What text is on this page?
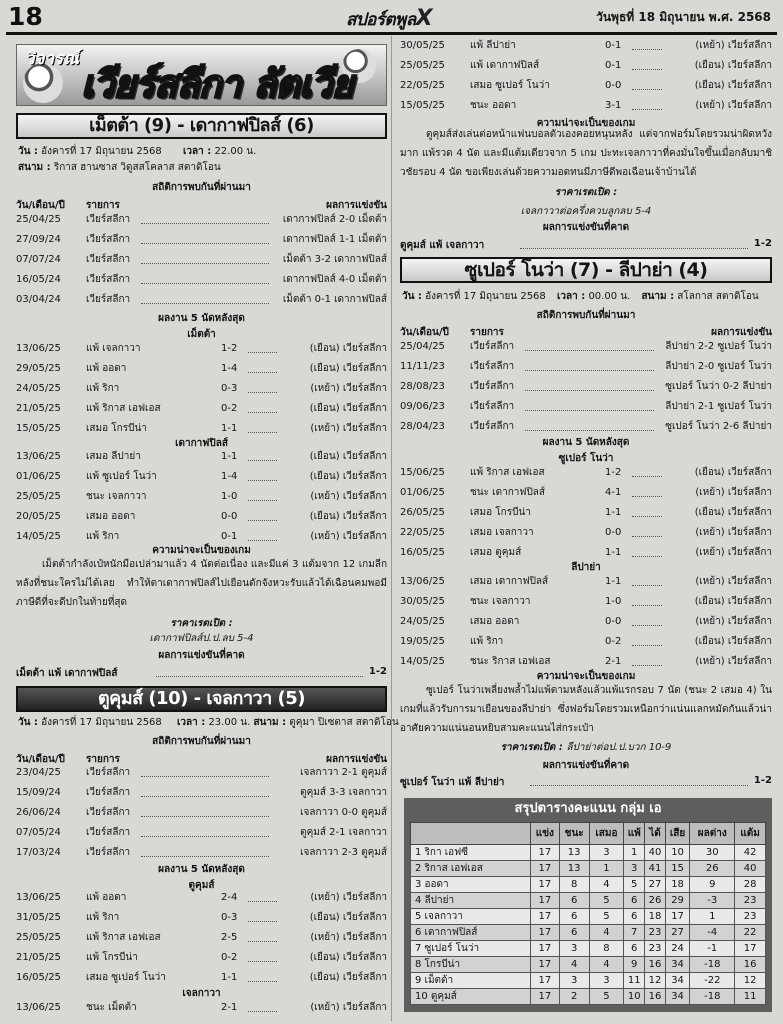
18	สปอร์ตพูลX	วันพุธที่ 18 มิถุนายน พ.ศ. 2568
วิจารณ์
เวียร์สลีกา ลัตเวีย
เม็ตต้า (9) - เดากาฟปิลส์ (6)
วัน : อังคารที่ 17 มิถุนายน 2568 เวลา : 22.00 น.
สนาม : ริกาส ฮานซาส วิดูสสโคลาส สตาดิโอน
สถิติการพบกันที่ผ่านมา
วัน/เดือน/ปี รายการ	ผลการแข่งขัน
25/04/25	เวียร์สลีกา	เดากาฟปิลส์ 2-0 เม็ตต้า
27/09/24	เวียร์สลีกา	เดากาฟปิลส์ 1-1 เม็ตต้า
07/07/24	เวียร์สลีกา	เม็ตต้า 3-2 เดากาฟปิลส์
16/05/24	เวียร์สลีกา	เดากาฟปิลส์ 4-0 เม็ตต้า
03/04/24	เวียร์สลีกา	เม็ตต้า 0-1 เดากาฟปิลส์
ผลงาน 5 นัดหลังสุด
เม็ตต้า
13/06/25	แพ้ เจลกาวา	1-2	(เยือน) เวียร์สลีกา
29/05/25	แพ้ ออดา	1-4	(เยือน) เวียร์สลีกา
24/05/25	แพ้ ริกา	0-3	(เหย้า) เวียร์สลีกา
21/05/25	แพ้ ริกาส เอฟเอส	0-2	(เยือน) เวียร์สลีกา
15/05/25	เสมอ โกรบีน่า	1-1	(เหย้า) เวียร์สลีกา
เดากาฟปิลส์
13/06/25	เสมอ ลีปาย่า	1-1	(เยือน) เวียร์สลีกา
01/06/25	แพ้ ซูเปอร์ โนว่า	1-4	(เยือน) เวียร์สลีกา
25/05/25	ชนะ เจลกาวา	1-0	(เหย้า) เวียร์สลีกา
20/05/25	เสมอ ออดา	0-0	(เยือน) เวียร์สลีกา
14/05/25	แพ้ ริกา	0-1	(เหย้า) เวียร์สลีกา
ความน่าจะเป็นของเกม
เม็ตต้ากำลังเป๋หนักมือเปล่ามาแล้ว 4 นัดต่อเนื่อง และมีแค่ 3 แต้มจาก 12 เกมลีกหลังที่ชนะใครไม่ได้เลย ทำให้ดาเดากาฟปิลส์ไปเยือนดักจังหวะรับแล้วได้เฉือนคมพอมีภาษีดีที่จะดีปกในท้ายที่สุด
ราคาเรตเปิด :
เดากาฟปิลส์ป.ป.ลบ 5-4
ผลการแข่งขันที่คาด
เม็ตต้า แพ้ เดากาฟปิลส์	1-2
ตูคุมส์ (10) - เจลกาวา (5)
วัน : อังคารที่ 17 มิถุนายน 2568 เวลา : 23.00 น. สนาม : ตูคุมา ปิเซตาส สตาดิโอน
สถิติการพบกันที่ผ่านมา
วัน/เดือน/ปี รายการ	ผลการแข่งขัน
23/04/25	เวียร์สลีกา	เจลกาวา 2-1 ตูคุมส์
15/09/24	เวียร์สลีกา	ตูคุมส์ 3-3 เจลกาวา
26/06/24	เวียร์สลีกา	เจลกาวา 0-0 ตูคุมส์
07/05/24	เวียร์สลีกา	ตูคุมส์ 2-1 เจลกาวา
17/03/24	เวียร์สลีกา	เจลกาวา 2-3 ตูคุมส์
ผลงาน 5 นัดหลังสุด
ตูคุมส์
13/06/25	แพ้ ออดา	2-4	(เหย้า) เวียร์สลีกา
31/05/25	แพ้ ริกา	0-3	(เยือน) เวียร์สลีกา
25/05/25	แพ้ ริกาส เอฟเอส	2-5	(เหย้า) เวียร์สลีกา
21/05/25	แพ้ โกรบีน่า	0-2	(เยือน) เวียร์สลีกา
16/05/25	เสมอ ซูเปอร์ โนว่า	1-1	(เยือน) เวียร์สลีกา
เจลกาวา
13/06/25	ชนะ เม็ตต้า	2-1	(เหย้า) เวียร์สลีกา
30/05/25	แพ้ ลีปาย่า	0-1	(เหย้า) เวียร์สลีกา
25/05/25	แพ้ เดากาฟปิลส์	0-1	(เยือน) เวียร์สลีกา
22/05/25	เสมอ ซูเปอร์ โนว่า	0-0	(เยือน) เวียร์สลีกา
15/05/25	ชนะ ออดา	3-1	(เหย้า) เวียร์สลีกา
ความน่าจะเป็นของเกม
ตูคุมส์ส่งเล่นต่อหน้าแฟนบอลตัวเองคอยหนุนหลัง แต่จากฟอร์มโดยรวมน่าผิดหวังมาก แพ้รวด 4 นัด และมีแต้มเดียวจาก 5 เกม ปะทะเจลกาวาที่คงมั่นใจขึ้นเมื่อกลับมาชิวชัยรอบ 4 นัด ขอเพียงเล่นด้วยความอดทนมีภาษีดีพอเฉือนเจ้าบ้านได้
ราคาเรตเปิด :
เจลกาวาต่อครึ่งควบลูกลบ 5-4
ผลการแข่งขันที่คาด
ตูคุมส์ แพ้ เจลกาวา	1-2
ซูเปอร์ โนว่า (7) - ลีปาย่า (4)
วัน : อังคารที่ 17 มิถุนายน 2568 เวลา : 00.00 น. สนาม : สโลกาส สตาดิโอน
สถิติการพบกันที่ผ่านมา
วัน/เดือน/ปี รายการ	ผลการแข่งขัน
25/04/25	เวียร์สลีกา	ลีปาย่า 2-2 ซูเปอร์ โนว่า
11/11/23	เวียร์สลีกา	ลีปาย่า 2-0 ซูเปอร์ โนว่า
28/08/23	เวียร์สลีกา	ซูเปอร์ โนว่า 0-2 ลีปาย่า
09/06/23	เวียร์สลีกา	ลีปาย่า 2-1 ซูเปอร์ โนว่า
28/04/23	เวียร์สลีกา	ซูเปอร์ โนว่า 2-6 ลีปาย่า
ผลงาน 5 นัดหลังสุด
ซูเปอร์ โนว่า
15/06/25	แพ้ ริกาส เอฟเอส	1-2	(เยือน) เวียร์สลีกา
01/06/25	ชนะ เดากาฟปิลส์	4-1	(เหย้า) เวียร์สลีกา
26/05/25	เสมอ โกรบีน่า	1-1	(เยือน) เวียร์สลีกา
22/05/25	เสมอ เจลกาวา	0-0	(เหย้า) เวียร์สลีกา
16/05/25	เสมอ ตูคุมส์	1-1	(เหย้า) เวียร์สลีกา
ลีปาย่า
13/06/25	เสมอ เดากาฟปิลส์	1-1	(เหย้า) เวียร์สลีกา
30/05/25	ชนะ เจลกาวา	1-0	(เยือน) เวียร์สลีกา
24/05/25	เสมอ ออดา	0-0	(เหย้า) เวียร์สลีกา
19/05/25	แพ้ ริกา	0-2	(เยือน) เวียร์สลีกา
14/05/25	ชนะ ริกาส เอฟเอส	2-1	(เหย้า) เวียร์สลีกา
ความน่าจะเป็นของเกม
ซูเปอร์ โนว่าเพลี่ยงพล้ำไม่แพ้ตามหลังแล้วแพ้แรกรอบ 7 นัด (ชนะ 2 เสมอ 4) ในเกมที่แล้วรับการมาเยือนของลีปาย่า ซึ่งฟอร์มโดยรวมเหนือกว่าแน่นแลกหมัดกันแล้วน่าอาศัยความแน่นอนหยิบสามคะแนนไส่กระเป๋า
ราคาเรตเปิด : ลีปาย่าต่อป.ป.บวก 10-9
ผลการแข่งขันที่คาด
ซูเปอร์ โนว่า แพ้ ลีปาย่า	1-2
สรุปตารางคะแนน กลุ่ม เอ
	แข่ง	ชนะ	เสมอ	แพ้	ได้	เสีย	ผลต่าง	แต้ม
1 ริกา เอฟซี	17	13	3	1	40	10	30	42
2 ริกาส เอฟเอส	17	13	1	3	41	15	26	40
3 ออดา	17	8	4	5	27	18	9	28
4 ลีปาย่า	17	6	5	6	26	29	-3	23
5 เจลกาวา	17	6	5	6	18	17	1	23
6 เดากาฟปิลส์	17	6	4	7	23	27	-4	22
7 ซูเปอร์ โนว่า	17	3	8	6	23	24	-1	17
8 โกรบีน่า	17	4	4	9	16	34	-18	16
9 เม็ตต้า	17	3	3	11	12	34	-22	12
10 ตูคุมส์	17	2	5	10	16	34	-18	11
